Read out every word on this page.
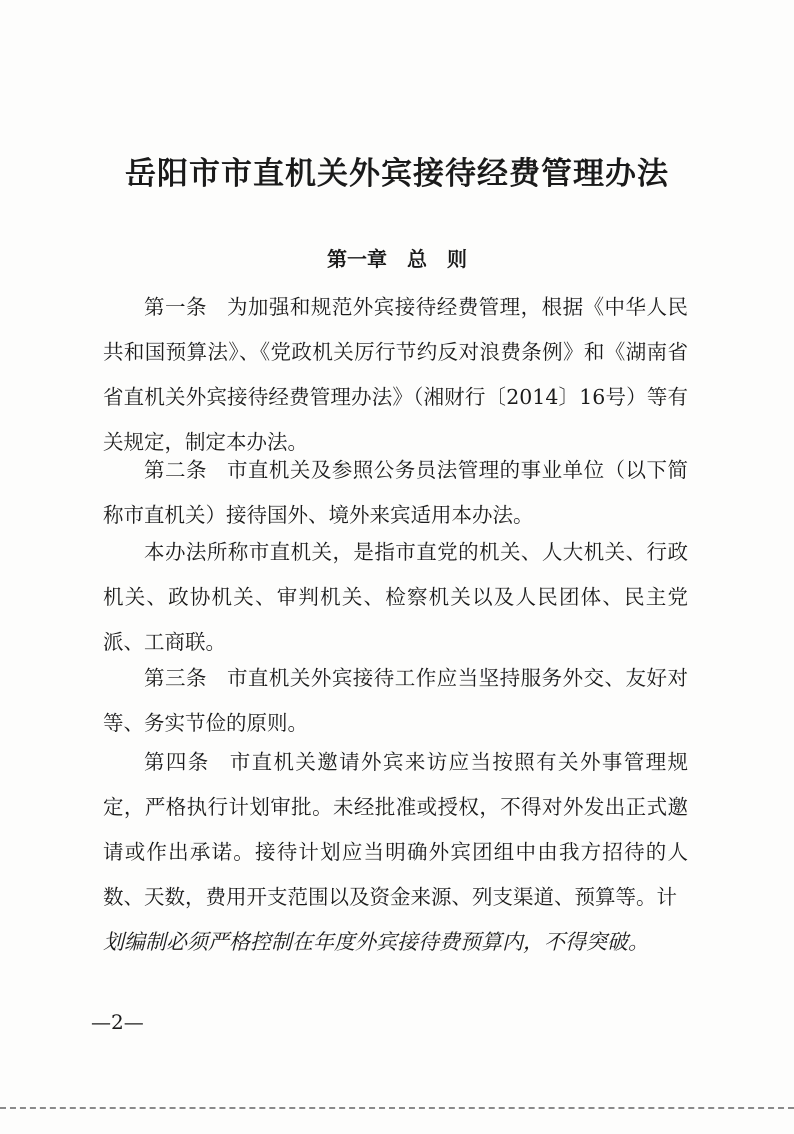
岳阳市市直机关外宾接待经费管理办法
第一章　总　则
第一条 为加强和规范外宾接待经费管理，根据《中华人民共和国预算法》、《党政机关厉行节约反对浪费条例》和《湖南省省直机关外宾接待经费管理办法》（湘财行〔2014〕16号）等有关规定，制定本办法。
第二条 市直机关及参照公务员法管理的事业单位（以下简称市直机关）接待国外、境外来宾适用本办法。
本办法所称市直机关，是指市直党的机关、人大机关、行政机关、政协机关、审判机关、检察机关以及人民团体、民主党派、工商联。
第三条 市直机关外宾接待工作应当坚持服务外交、友好对等、务实节俭的原则。
第四条 市直机关邀请外宾来访应当按照有关外事管理规定，严格执行计划审批。未经批准或授权，不得对外发出正式邀请或作出承诺。接待计划应当明确外宾团组中由我方招待的人数、天数，费用开支范围以及资金来源、列支渠道、预算等。计
划编制必须严格控制在年度外宾接待费预算内，不得突破。
—2—
